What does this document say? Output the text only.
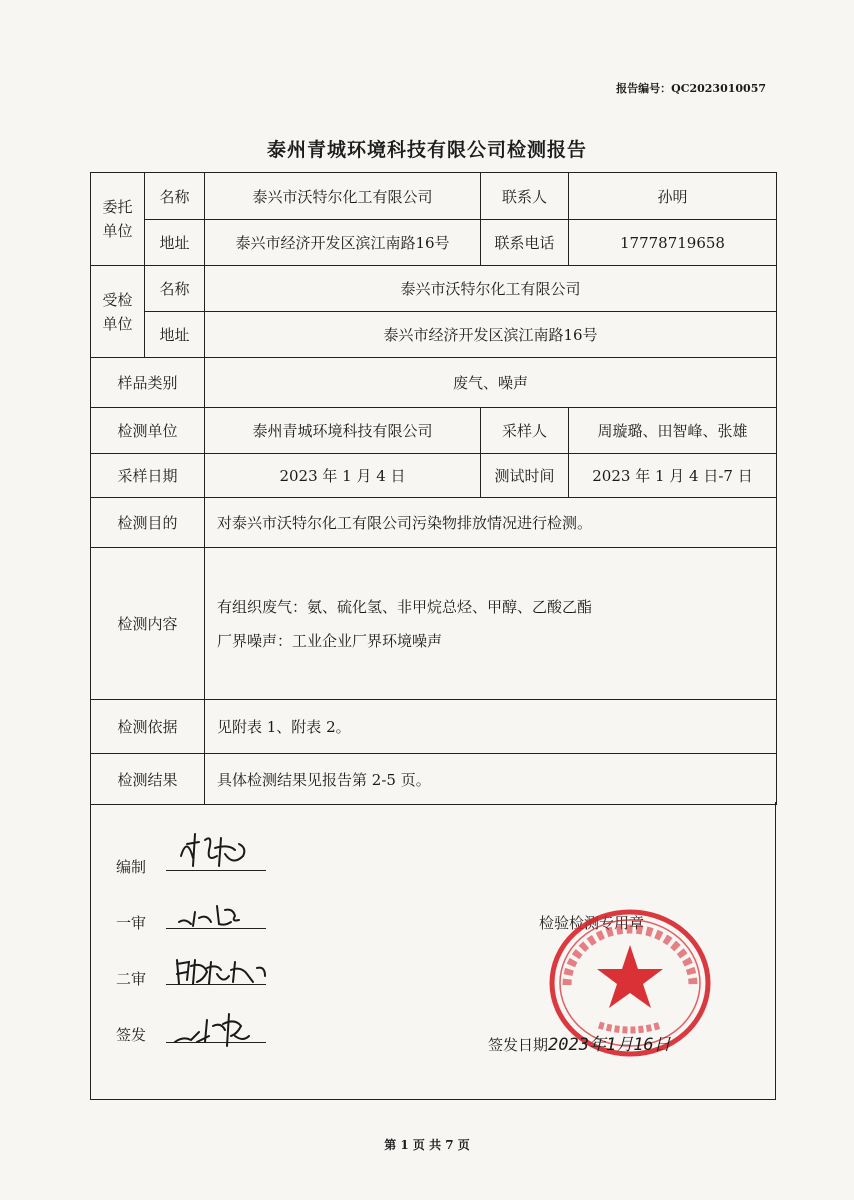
报告编号：QC2023010057
泰州青城环境科技有限公司检测报告
委托单位	名称	泰兴市沃特尔化工有限公司	联系人	孙明
	地址	泰兴市经济开发区滨江南路16号	联系电话	17778719658
受检单位	名称	泰兴市沃特尔化工有限公司		
	地址	泰兴市经济开发区滨江南路16号		
样品类别		废气、噪声		
检测单位		泰州青城环境科技有限公司	采样人	周璇璐、田智峰、张雄
采样日期		2023 年 1 月 4 日	测试时间	2023 年 1 月 4 日-7 日
检测目的		对泰兴市沃特尔化工有限公司污染物排放情况进行检测。		
检测内容		有组织废气：氨、硫化氢、非甲烷总烃、甲醇、乙酸乙酯
厂界噪声：工业企业厂界环境噪声		

检测依据		见附表 1、附表 2。		
检测结果		具体检测结果见报告第 2-5 页。		
编制
一审
二审
签发
检验检测专用章
签发日期2023年1月16日
第 1 页 共 7 页
